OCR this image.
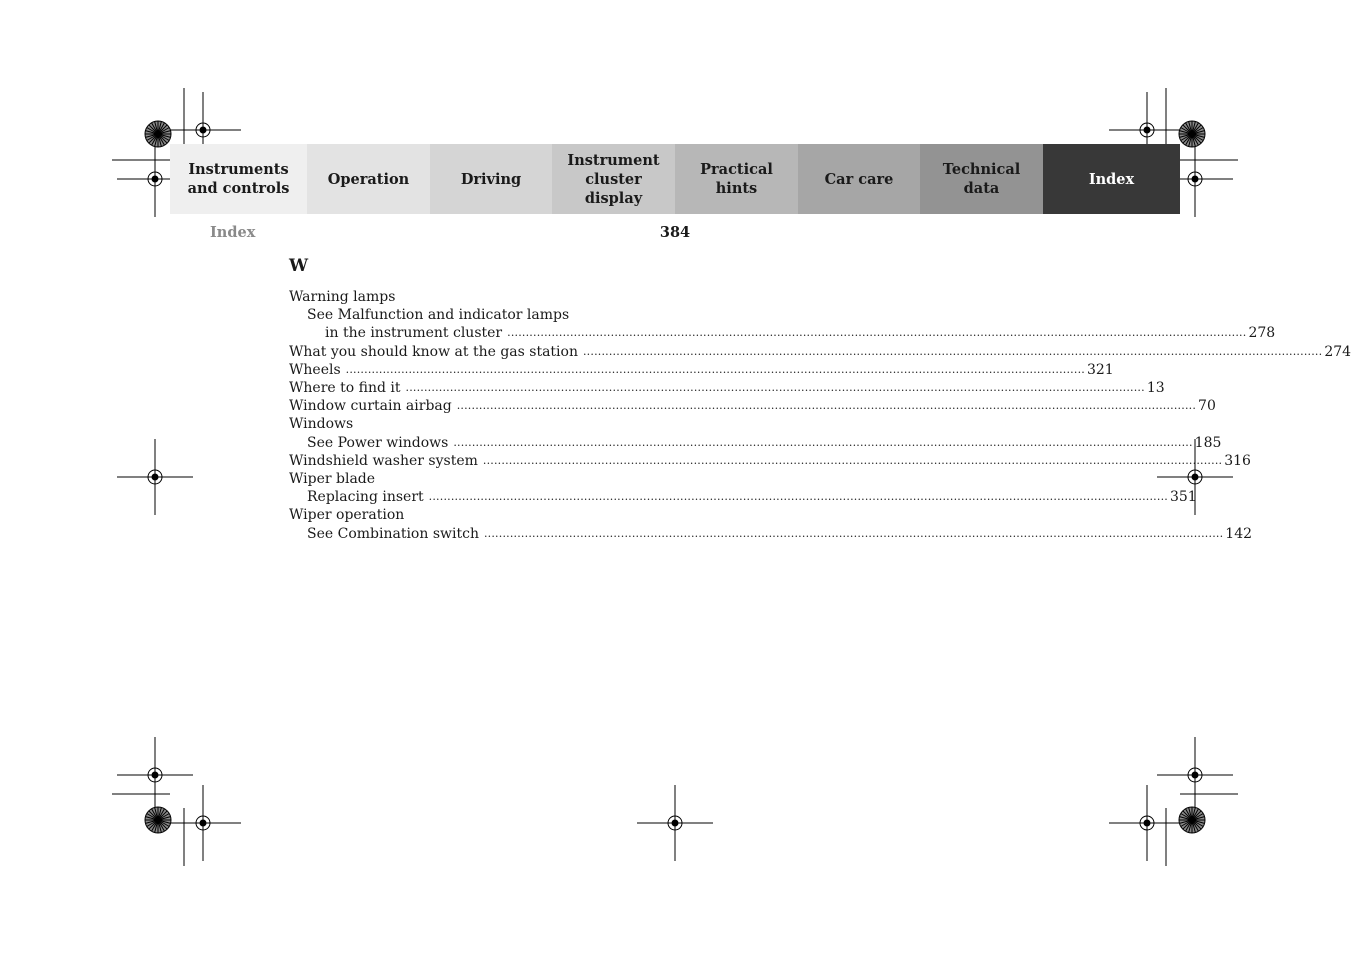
Instruments
and controls
Operation	Driving
Instrument
cluster display
Practical hints
Car care
Technical
data
Index
Index	384
W
Warning lamps
See Malfunction and indicator lamps
in the instrument cluster ........................................................................................................................................................................................................ 278
What you should know at the gas station ........................................................................................................................................................................................................ 274
Wheels ........................................................................................................................................................................................................ 321
Where to find it ........................................................................................................................................................................................................ 13
Window curtain airbag ........................................................................................................................................................................................................ 70
Windows
See Power windows ........................................................................................................................................................................................................ 185
Windshield washer system ........................................................................................................................................................................................................ 316
Wiper blade
Replacing insert ........................................................................................................................................................................................................ 351
Wiper operation
See Combination switch ........................................................................................................................................................................................................ 142
